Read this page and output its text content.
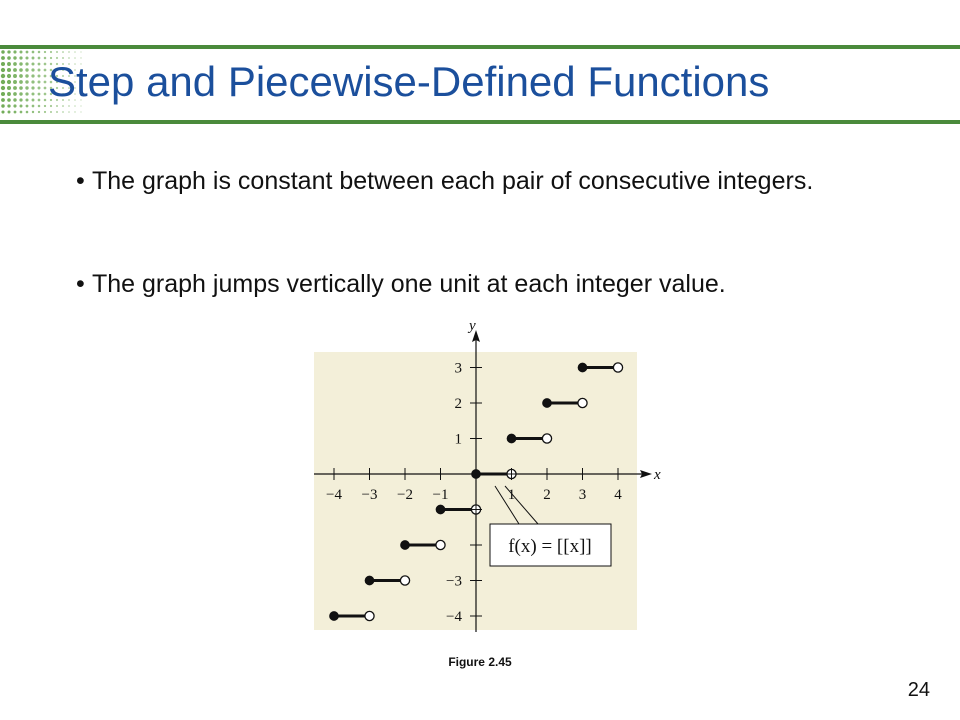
Step and Piecewise-Defined Functions
• The graph is constant between each pair of consecutive integers.
• The graph jumps vertically one unit at each integer value.
x
y
−4 −3 −2 −1	1 2 3 4
3
2
1
−3
−4
f(x) = [[x]]
Figure 2.45
24
